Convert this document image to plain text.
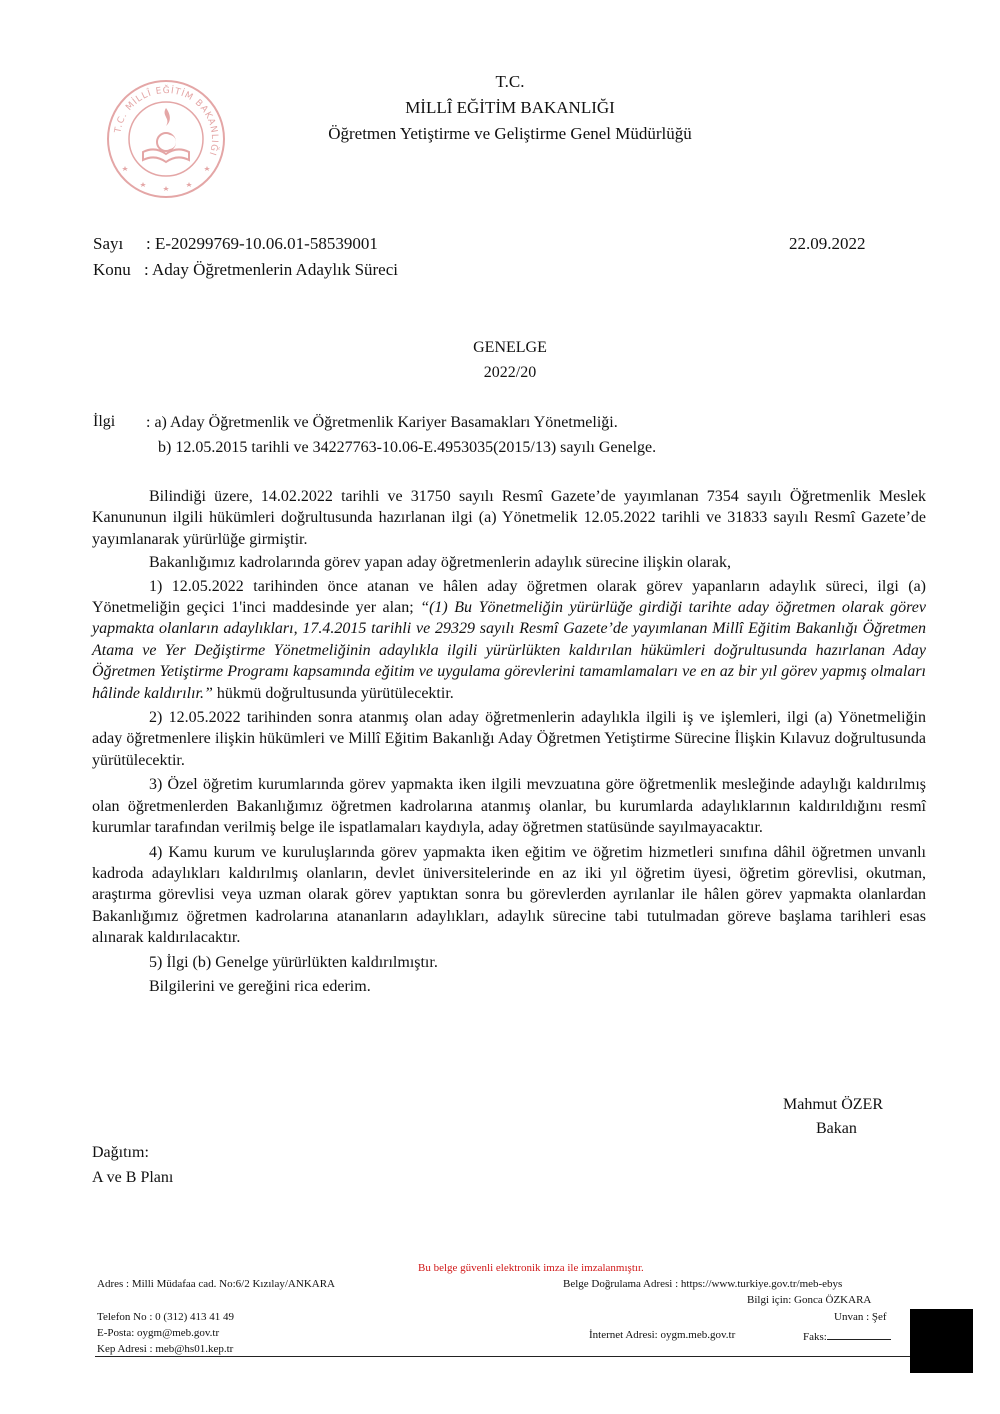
T.C. MİLLÎ EĞİTİM BAKANLIĞI
T.C.
MİLLÎ EĞİTİM BAKANLIĞI
Öğretmen Yetiştirme ve Geliştirme Genel Müdürlüğü
Sayı : E-20299769-10.06.01-58539001	22.09.2022
Konu : Aday Öğretmenlerin Adaylık Süreci
GENELGE
2022/20
İlgi : a) Aday Öğretmenlik ve Öğretmenlik Kariyer Basamakları Yönetmeliği.
b) 12.05.2015 tarihli ve 34227763-10.06-E.4953035(2015/13) sayılı Genelge.

Bilindiği üzere, 14.02.2022 tarihli ve 31750 sayılı Resmî Gazete’de yayımlanan 7354 sayılı Öğretmenlik Meslek Kanununun ilgili hükümleri doğrultusunda hazırlanan ilgi (a) Yönetmelik 12.05.2022 tarihli ve 31833 sayılı Resmî Gazete’de yayımlanarak yürürlüğe girmiştir.

Bakanlığımız kadrolarında görev yapan aday öğretmenlerin adaylık sürecine ilişkin olarak,

1) 12.05.2022 tarihinden önce atanan ve hâlen aday öğretmen olarak görev yapanların adaylık süreci, ilgi (a) Yönetmeliğin geçici 1'inci maddesinde yer alan; “(1) Bu Yönetmeliğin yürürlüğe girdiği tarihte aday öğretmen olarak görev yapmakta olanların adaylıkları, 17.4.2015 tarihli ve 29329 sayılı Resmî Gazete’de yayımlanan Millî Eğitim Bakanlığı Öğretmen Atama ve Yer Değiştirme Yönetmeliğinin adaylıkla ilgili yürürlükten kaldırılan hükümleri doğrultusunda hazırlanan Aday Öğretmen Yetiştirme Programı kapsamında eğitim ve uygulama görevlerini tamamlamaları ve en az bir yıl görev yapmış olmaları hâlinde kaldırılır.” hükmü doğrultusunda yürütülecektir.

2) 12.05.2022 tarihinden sonra atanmış olan aday öğretmenlerin adaylıkla ilgili iş ve işlemleri, ilgi (a) Yönetmeliğin aday öğretmenlere ilişkin hükümleri ve Millî Eğitim Bakanlığı Aday Öğretmen Yetiştirme Sürecine İlişkin Kılavuz doğrultusunda yürütülecektir.

3) Özel öğretim kurumlarında görev yapmakta iken ilgili mevzuatına göre öğretmenlik mesleğinde adaylığı kaldırılmış olan öğretmenlerden Bakanlığımız öğretmen kadrolarına atanmış olanlar, bu kurumlarda adaylıklarının kaldırıldığını resmî kurumlar tarafından verilmiş belge ile ispatlamaları kaydıyla, aday öğretmen statüsünde sayılmayacaktır.

4) Kamu kurum ve kuruluşlarında görev yapmakta iken eğitim ve öğretim hizmetleri sınıfına dâhil öğretmen unvanlı kadroda adaylıkları kaldırılmış olanların, devlet üniversitelerinde en az iki yıl öğretim üyesi, öğretim görevlisi, okutman, araştırma görevlisi veya uzman olarak görev yaptıktan sonra bu görevlerden ayrılanlar ile hâlen görev yapmakta olanlardan Bakanlığımız öğretmen kadrolarına atananların adaylıkları, adaylık sürecine tabi tutulmadan göreve başlama tarihleri esas alınarak kaldırılacaktır.

5) İlgi (b) Genelge yürürlükten kaldırılmıştır.

Bilgilerini ve gereğini rica ederim.

Mahmut ÖZER
Bakan
Dağıtım:
A ve B Planı
Bu belge güvenli elektronik imza ile imzalanmıştır.
Adres : Milli Müdafaa cad. No:6/2 Kızılay/ANKARA	Belge Doğrulama Adresi : https://www.turkiye.gov.tr/meb-ebys
Bilgi için: Gonca ÖZKARA
Telefon No : 0 (312) 413 41 49	Unvan : Şef
E-Posta: oygm@meb.gov.tr	İnternet Adresi: oygm.meb.gov.tr	Faks:
Kep Adresi : meb@hs01.kep.tr
